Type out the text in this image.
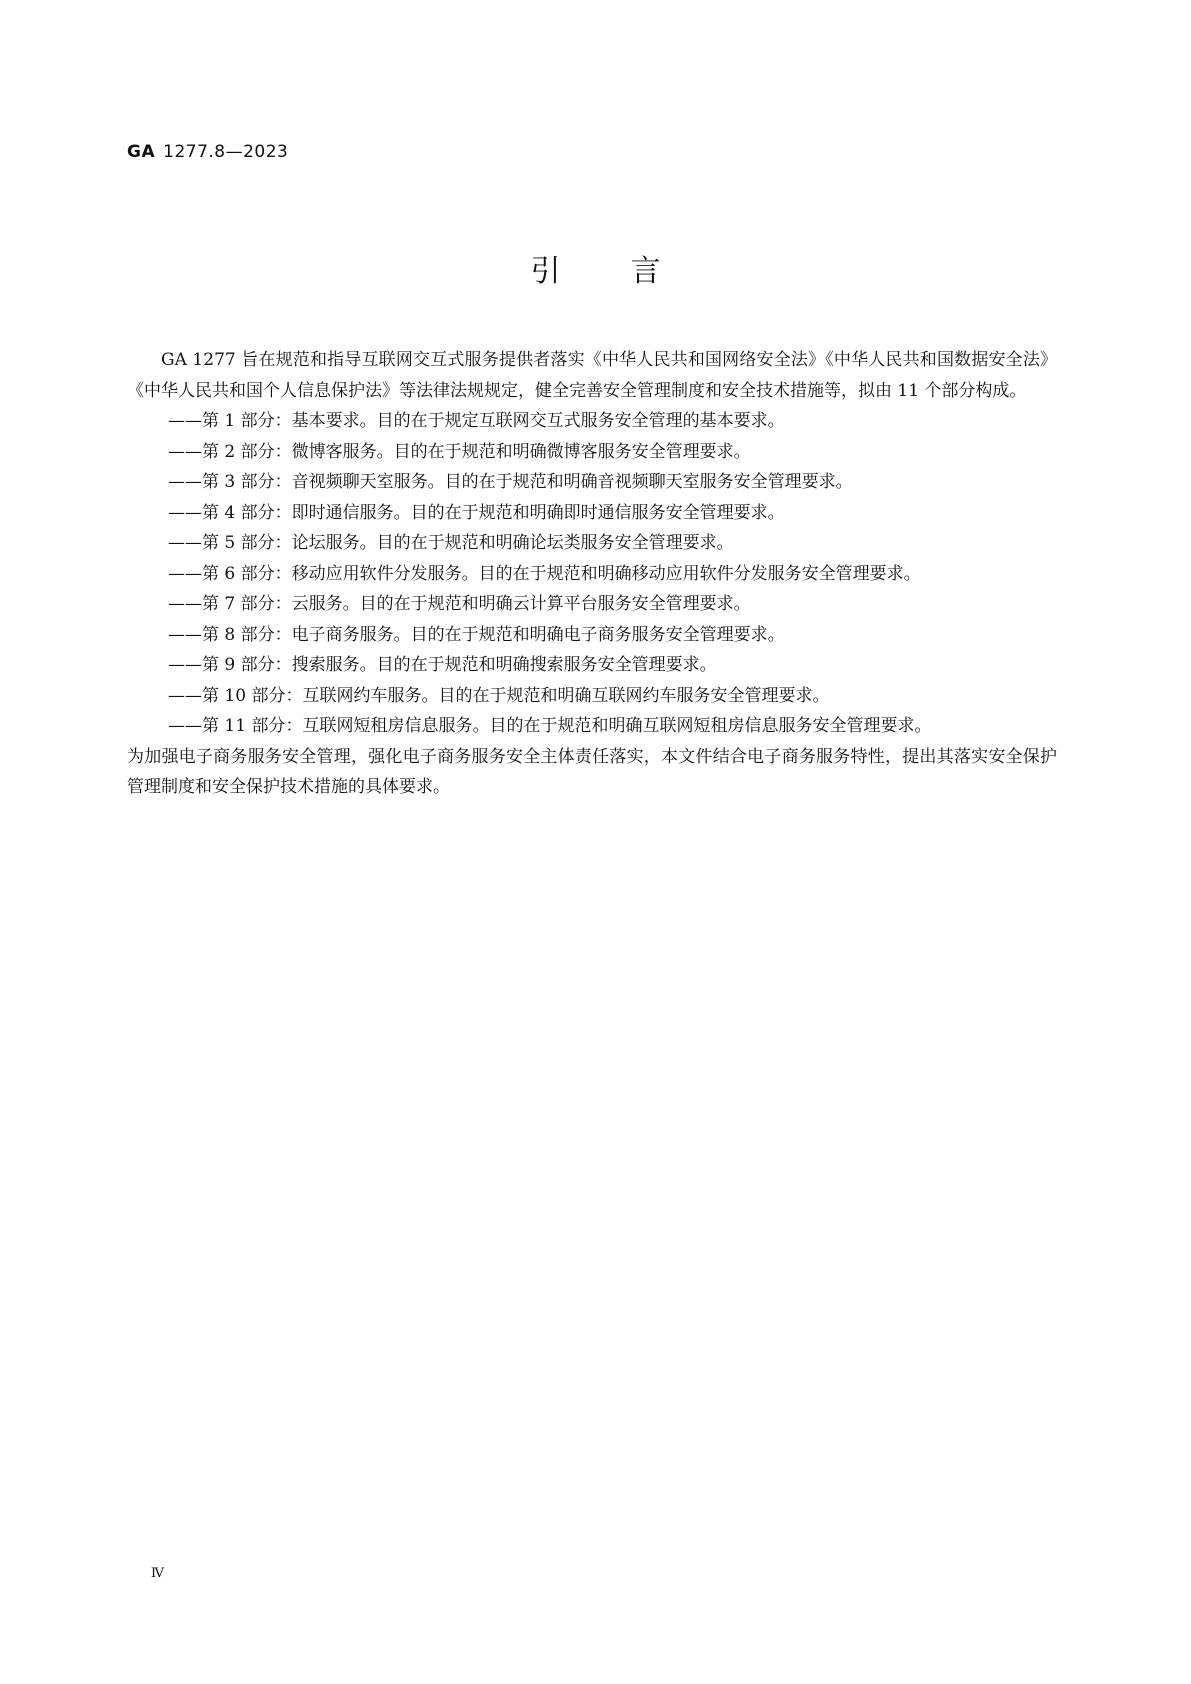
GA 1277.8—2023
引言

GA 1277 旨在规范和指导互联网交互式服务提供者落实《中华人民共和国网络安全法》《中华人民共和国数据安全法》《中华人民共和国个人信息保护法》等法律法规规定，健全完善安全管理制度和安全技术措施等，拟由 11 个部分构成。

—— 第 1 部分：基本要求。目的在于规定互联网交互式服务安全管理的基本要求。
—— 第 2 部分：微博客服务。目的在于规范和明确微博客服务安全管理要求。
—— 第 3 部分：音视频聊天室服务。目的在于规范和明确音视频聊天室服务安全管理要求。
—— 第 4 部分：即时通信服务。目的在于规范和明确即时通信服务安全管理要求。
—— 第 5 部分：论坛服务。目的在于规范和明确论坛类服务安全管理要求。
—— 第 6 部分：移动应用软件分发服务。目的在于规范和明确移动应用软件分发服务安全管理要求。
—— 第 7 部分：云服务。目的在于规范和明确云计算平台服务安全管理要求。
—— 第 8 部分：电子商务服务。目的在于规范和明确电子商务服务安全管理要求。
—— 第 9 部分：搜索服务。目的在于规范和明确搜索服务安全管理要求。
—— 第 10 部分：互联网约车服务。目的在于规范和明确互联网约车服务安全管理要求。
—— 第 11 部分：互联网短租房信息服务。目的在于规范和明确互联网短租房信息服务安全管理要求。

为加强电子商务服务安全管理，强化电子商务服务安全主体责任落实，本文件结合电子商务服务特性，提出其落实安全保护管理制度和安全保护技术措施的具体要求。

Ⅳ
